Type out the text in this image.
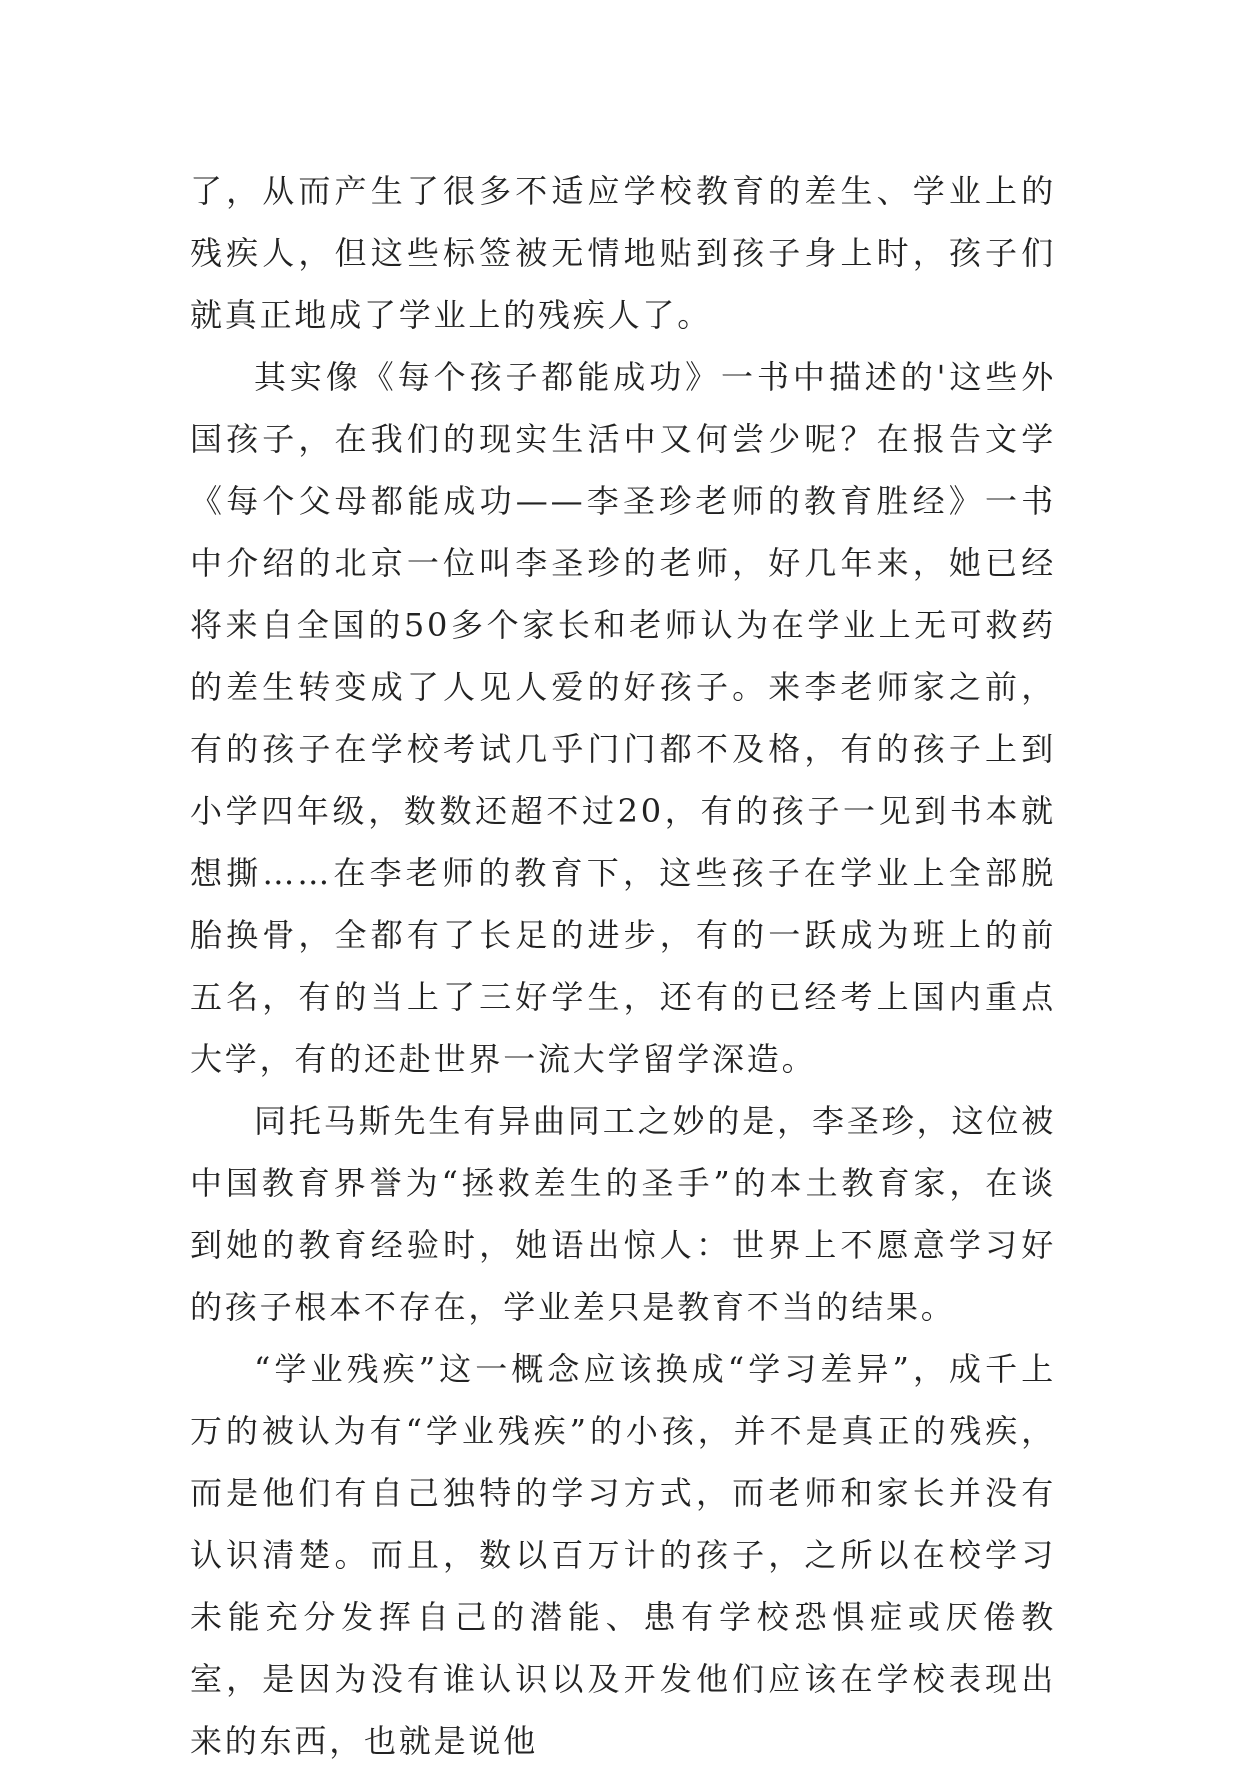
了，从而产生了很多不适应学校教育的差生、学业上的残疾人，但这些标签被无情地贴到孩子身上时，孩子们就真正地成了学业上的残疾人了。

其实像《每个孩子都能成功》一书中描述的'这些外国孩子，在我们的现实生活中又何尝少呢？在报告文学《每个父母都能成功——李圣珍老师的教育胜经》一书中介绍的北京一位叫李圣珍的老师，好几年来，她已经将来自全国的50多个家长和老师认为在学业上无可救药的差生转变成了人见人爱的好孩子。来李老师家之前，有的孩子在学校考试几乎门门都不及格，有的孩子上到小学四年级，数数还超不过20，有的孩子一见到书本就想撕……在李老师的教育下，这些孩子在学业上全部脱胎换骨，全都有了长足的进步，有的一跃成为班上的前五名，有的当上了三好学生，还有的已经考上国内重点大学，有的还赴世界一流大学留学深造。

同托马斯先生有异曲同工之妙的是，李圣珍，这位被中国教育界誉为“拯救差生的圣手”的本土教育家，在谈到她的教育经验时，她语出惊人：世界上不愿意学习好的孩子根本不存在，学业差只是教育不当的结果。

“学业残疾”这一概念应该换成“学习差异”，成千上万的被认为有“学业残疾”的小孩，并不是真正的残疾，而是他们有自己独特的学习方式，而老师和家长并没有认识清楚。而且，数以百万计的孩子，之所以在校学习未能充分发挥自己的潜能、患有学校恐惧症或厌倦教室，是因为没有谁认识以及开发他们应该在学校表现出来的东西，也就是说他
